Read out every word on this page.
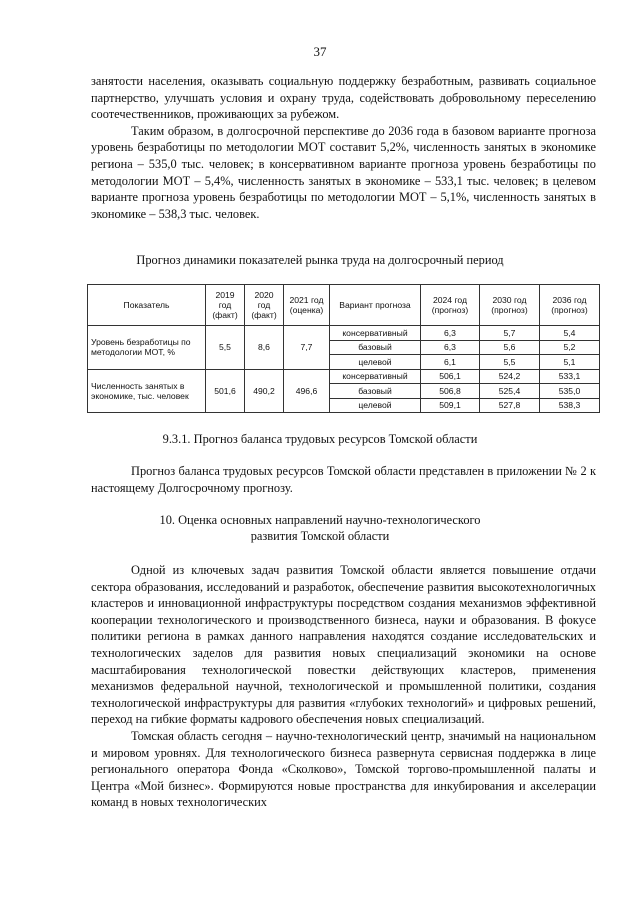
37

занятости населения, оказывать социальную поддержку безработным, развивать социальное партнерство, улучшать условия и охрану труда, содействовать добровольному переселению соотечественников, проживающих за рубежом.

Таким образом, в долгосрочной перспективе до 2036 года в базовом варианте прогноза уровень безработицы по методологии МОТ составит 5,2%, численность занятых в экономике региона – 535,0 тыс. человек; в консервативном варианте прогноза уровень безработицы по методологии МОТ – 5,4%, численность занятых в экономике – 533,1 тыс. человек; в целевом варианте прогноза уровень безработицы по методологии МОТ – 5,1%, численность занятых в экономике – 538,3 тыс. человек.

Прогноз динамики показателей рынка труда на долгосрочный период
Показатель	2019 год (факт)	2020 год (факт)	2021 год (оценка)	Вариант прогноза	2024 год (прогноз)	2030 год (прогноз)	2036 год (прогноз)
Уровень безработицы по методологии МОТ, %	5,5	8,6	7,7	консервативный	6,3	5,7	5,4
				базовый	6,3	5,6	5,2
				целевой	6,1	5,5	5,1
Численность занятых в экономике, тыс. человек	501,6	490,2	496,6	консервативный	506,1	524,2	533,1
				базовый	506,8	525,4	535,0
				целевой	509,1	527,8	538,3
9.3.1. Прогноз баланса трудовых ресурсов Томской области

Прогноз баланса трудовых ресурсов Томской области представлен в приложении № 2 к настоящему Долгосрочному прогнозу.

10. Оценка основных направлений научно-технологического
развития Томской области

Одной из ключевых задач развития Томской области является повышение отдачи сектора образования, исследований и разработок, обеспечение развития высокотехнологичных кластеров и инновационной инфраструктуры посредством создания механизмов эффективной кооперации технологического и производственного бизнеса, науки и образования. В фокусе политики региона в рамках данного направления находятся создание исследовательских и технологических заделов для развития новых специализаций экономики на основе масштабирования технологической повестки действующих кластеров, применения механизмов федеральной научной, технологической и промышленной политики, создания технологической инфраструктуры для развития «глубоких технологий» и цифровых решений, переход на гибкие форматы кадрового обеспечения новых специализаций.

Томская область сегодня – научно-технологический центр, значимый на национальном и мировом уровнях. Для технологического бизнеса развернута сервисная поддержка в лице регионального оператора Фонда «Сколково», Томской торгово-промышленной палаты и Центра «Мой бизнес». Формируются новые пространства для инкубирования и акселерации команд в новых технологических
